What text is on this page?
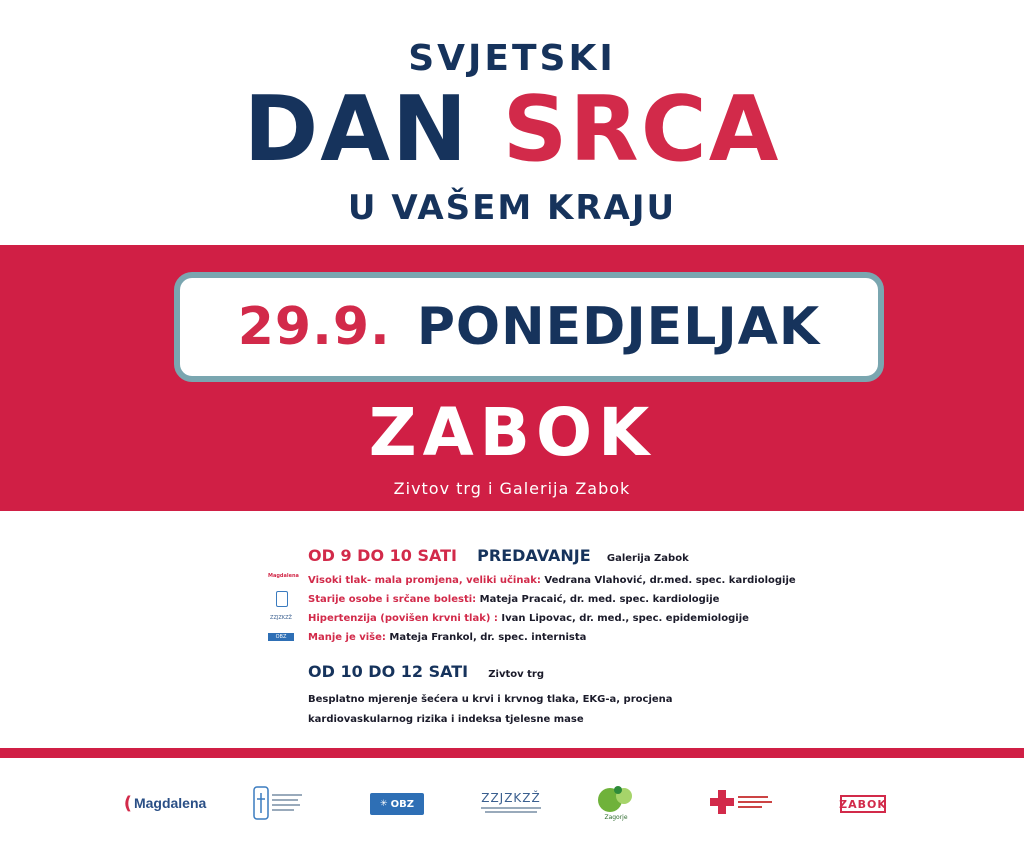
SVJETSKI
DAN SRCA
U VAŠEM KRAJU
29.9. PONEDJELJAK
ZABOK
Zivtov trg i Galerija Zabok
OD 9 DO 10 SATI PREDAVANJE Galerija Zabok
Magdalena
ZZJZKZŽ
OBZ
Visoki tlak- mala promjena, veliki učinak: Vedrana Vlahović, dr.med. spec. kardiologije
Starije osobe i srčane bolesti: Mateja Pracaić, dr. med. spec. kardiologije
Hipertenzija (povišen krvni tlak) : Ivan Lipovac, dr. med., spec. epidemiologije
Manje je više: Mateja Frankol, dr. spec. internista
OD 10 DO 12 SATI Zivtov trg
Besplatno mjerenje šećera u krvi i krvnog tlaka, EKG-a, procjena kardiovaskularnog rizika i indeksa tjelesne mase
( Magdalena	✳ OBZ	ZZJZKZŽ
Zagorje
ZABOK
